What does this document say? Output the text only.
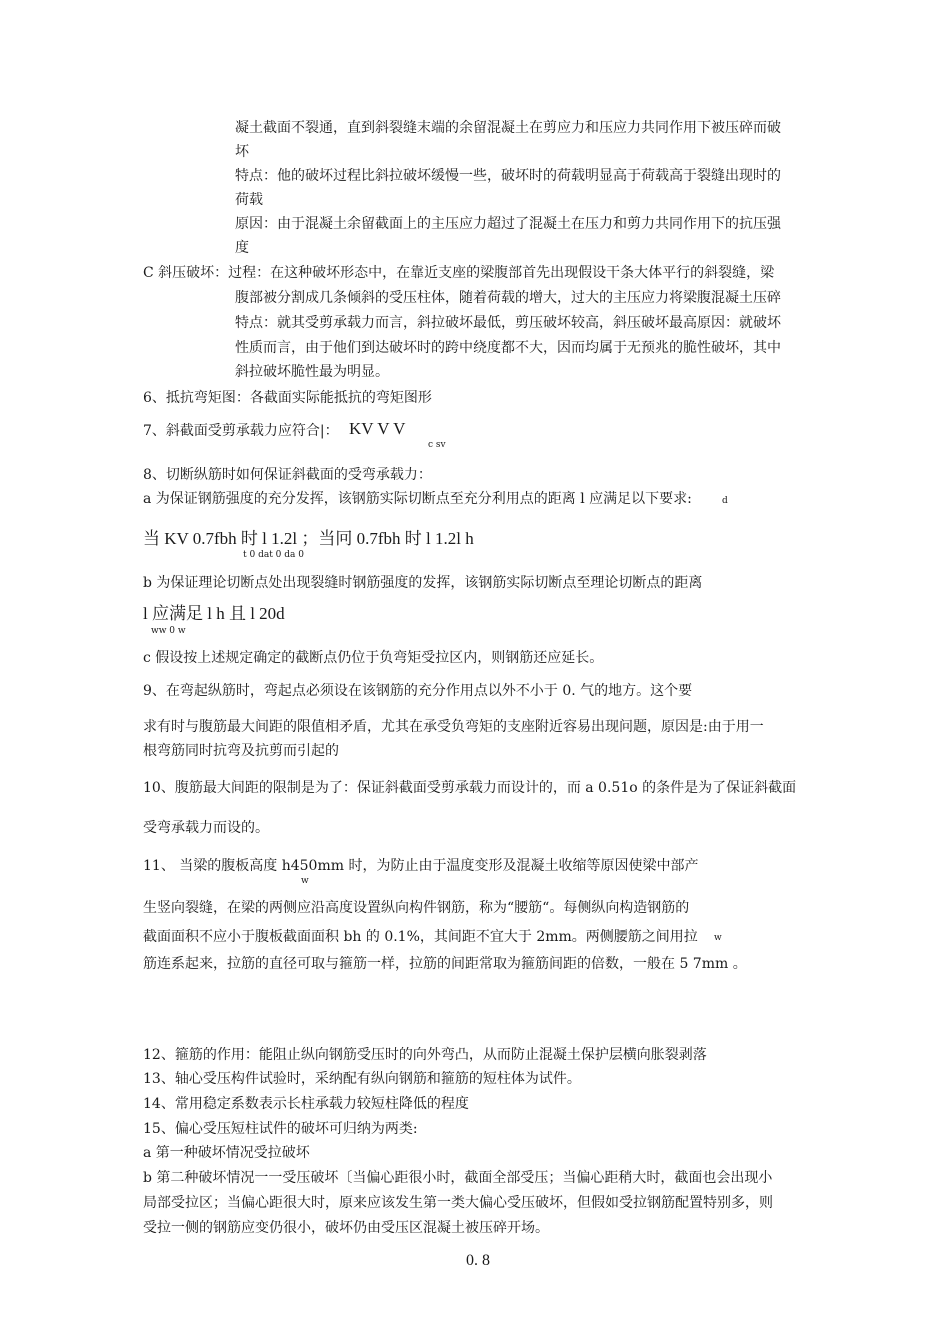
凝土截面不裂通，直到斜裂缝末端的余留混凝土在剪应力和压应力共同作用下被压碎而破
坏
特点：他的破坏过程比斜拉破坏缓慢一些，破坏时的荷载明显高于荷载高于裂缝出现时的
荷载
原因：由于混凝土余留截面上的主压应力超过了混凝土在压力和剪力共同作用下的抗压强
度
C 斜压破坏：过程：在这种破坏形态中，在靠近支座的梁腹部首先出现假设干条大体平行的斜裂缝，梁
腹部被分割成几条倾斜的受压柱体，随着荷载的增大，过大的主压应力将梁腹混凝土压碎
特点：就其受剪承载力而言，斜拉破坏最低，剪压破坏较高，斜压破坏最高原因：就破坏
性质而言，由于他们到达破坏时的跨中绕度都不大，因而均属于无预兆的脆性破坏，其中
斜拉破坏脆性最为明显。
6、抵抗弯矩图：各截面实际能抵抗的弯矩图形
7、斜截面受剪承载力应符合|： KV V V
c sv
8、切断纵筋时如何保证斜截面的受弯承载力：
a 为保证钢筋强度的充分发挥，该钢筋实际切断点至充分利用点的距离 l 应满足以下要求:	d
当 KV 0.7fbh 时 l 1.2l ；当冋 0.7fbh 时 l 1.2l h
t 0 dat 0 da 0
b 为保证理论切断点处出现裂缝时钢筋强度的发挥，该钢筋实际切断点至理论切断点的距离
l 应满足 l h 且 l 20d
ww 0 w
c 假设按上述规定确定的截断点仍位于负弯矩受拉区内，则钢筋还应延长。
9、在弯起纵筋时，弯起点必须设在该钢筋的充分作用点以外不小于 0. 气的地方。这个要
求有时与腹筋最大间距的限值相矛盾，尤其在承受负弯矩的支座附近容易出现问题，原因是:由于用一
根弯筋同时抗弯及抗剪而引起的
10、腹筋最大间距的限制是为了：保证斜截面受剪承载力而设计的，而 a 0.51o 的条件是为了保证斜截面
受弯承载力而设的。
11、 当梁的腹板高度 h450mm 时，为防止由于温度变形及混凝土收缩等原因使梁中部产
w
生竖向裂缝，在梁的两侧应沿高度设置纵向构件钢筋，称为“腰筋“。每侧纵向构造钢筋的
截面面积不应小于腹板截面面积 bh 的 0.1%，其间距不宜大于 2mm。两侧腰筋之间用拉 w
筋连系起来，拉筋的直径可取与箍筋一样，拉筋的间距常取为箍筋间距的倍数，一般在 5 7mm 。
12、箍筋的作用：能阻止纵向钢筋受压时的向外弯凸，从而防止混凝土保护层横向胀裂剥落
13、轴心受压构件试验时，采纳配有纵向钢筋和箍筋的短柱体为试件。
14、常用稳定系数表示长柱承载力较短柱降低的程度
15、偏心受压短柱试件的破坏可归纳为两类:
a 第一种破坏情况受拉破坏
b 第二种破坏情况一一受压破坏〔当偏心距很小时，截面全部受压；当偏心距稍大时，截面也会出现小
局部受拉区；当偏心距很大时，原来应该发生第一类大偏心受压破坏，但假如受拉钢筋配置特别多，则
受拉一侧的钢筋应变仍很小，破坏仍由受压区混凝土被压碎开场。
0. 8
